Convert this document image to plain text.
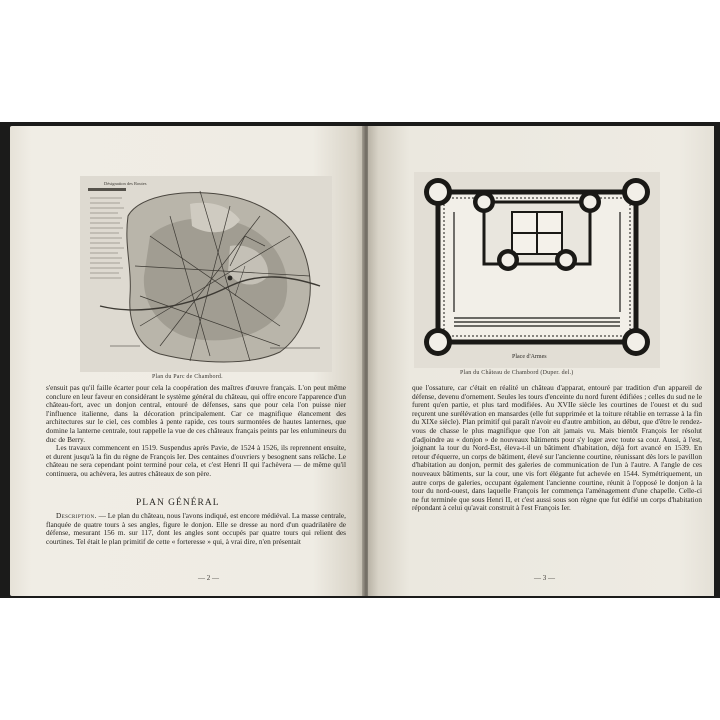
Désignation des Routes
Plan du Parc de Chambord.

s'ensuit pas qu'il faille écarter pour cela la coopération des maîtres d'œuvre français. L'on peut même conclure en leur faveur en considérant le système général du château, qui offre encore l'apparence d'un château-fort, avec un donjon central, entouré de défenses, sans que pour cela l'on puisse nier l'influence italienne, dans la décoration principalement. Car ce magnifique élancement des architectures sur le ciel, ces combles à pente rapide, ces tours surmontées de hautes lanternes, que domine la lanterne centrale, tout rappelle la vue de ces châteaux français peints par les enlumineurs du duc de Berry.

Les travaux commencent en 1519. Suspendus après Pavie, de 1524 à 1526, ils reprennent ensuite, et durent jusqu'à la fin du règne de François Ier. Des centaines d'ouvriers y besognent sans relâche. Le château ne sera cependant point terminé pour cela, et c'est Henri II qui l'achèvera — de même qu'il continuera, ou achèvera, les autres châteaux de son père.

PLAN GÉNÉRAL

Description. — Le plan du château, nous l'avons indiqué, est encore médiéval. La masse centrale, flanquée de quatre tours à ses angles, figure le donjon. Elle se dresse au nord d'un quadrilatère de défense, mesurant 156 m. sur 117, dont les angles sont occupés par quatre tours qui relient des courtines. Tel était le plan primitif de cette « forteresse » qui, à vrai dire, n'en présentait

— 2 —
Place d'Armes
Plan du Château de Chambord (Duper. del.)

que l'ossature, car c'était en réalité un château d'apparat, entouré par tradition d'un appareil de défense, devenu d'ornement. Seules les tours d'enceinte du nord furent édifiées ; celles du sud ne le furent qu'en partie, et plus tard modifiées. Au XVIIe siècle les courtines de l'ouest et du sud reçurent une surélévation en mansardes (elle fut supprimée et la toiture rétablie en terrasse à la fin du XIXe siècle). Plan primitif qui paraît n'avoir eu d'autre ambition, au début, que d'être le rendez-vous de chasse le plus magnifique que l'on ait jamais vu. Mais bientôt François Ier résolut d'adjoindre au « donjon » de nouveaux bâtiments pour s'y loger avec toute sa cour. Aussi, à l'est, joignant la tour du Nord-Est, éleva-t-il un bâtiment d'habitation, déjà fort avancé en 1539. En retour d'équerre, un corps de bâtiment, élevé sur l'ancienne courtine, réunissant dès lors le pavillon d'habitation au donjon, permit des galeries de communication de l'un à l'autre. A l'angle de ces nouveaux bâtiments, sur la cour, une vis fort élégante fut achevée en 1544. Symétriquement, un autre corps de galeries, occupant également l'ancienne courtine, réunit à l'opposé le donjon à la tour du nord-ouest, dans laquelle François Ier commença l'aménagement d'une chapelle. Celle-ci ne fut terminée que sous Henri II, et c'est aussi sous son règne que fut édifié un corps d'habitation répondant à celui qu'avait construit à l'est François Ier.

— 3 —
